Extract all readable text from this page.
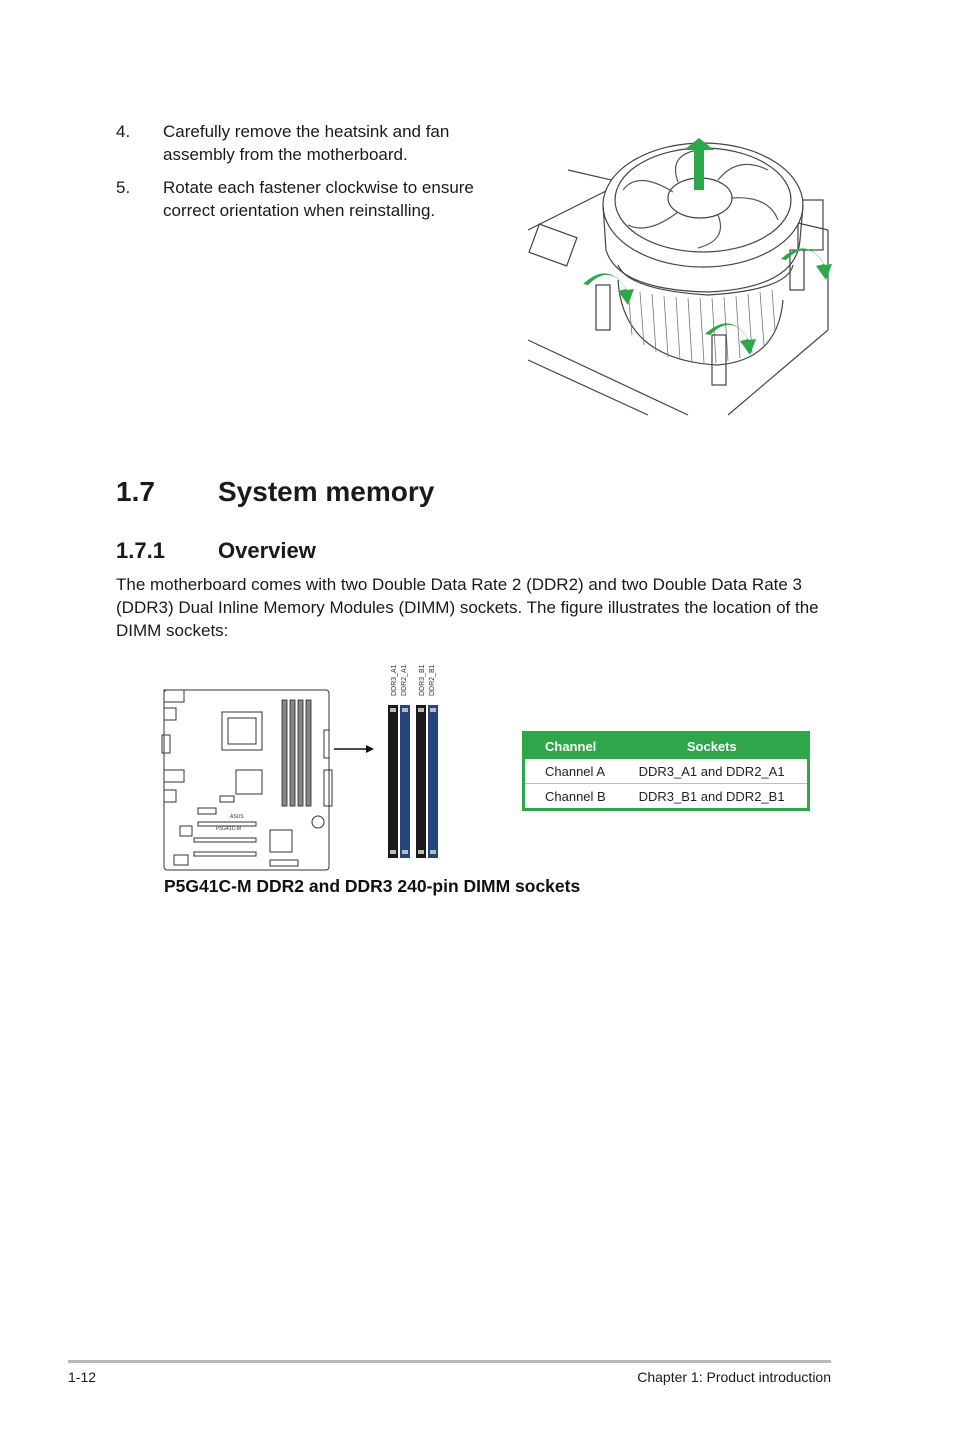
4.	Carefully remove the heatsink and fan assembly from the motherboard.
5.	Rotate each fastener clockwise to ensure correct orientation when reinstalling.
1.7	System memory
1.7.1	Overview
The motherboard comes with two Double Data Rate 2 (DDR2) and two Double Data Rate 3 (DDR3) Dual Inline Memory Modules (DIMM) sockets. The figure illustrates the location of the DIMM sockets:
ASUS
P5G41C-M
DDR3_A1 DDR2_A1 DDR3_B1 DDR2_B1
P5G41C-M DDR2 and DDR3 240-pin DIMM sockets
Channel	Sockets
Channel A	DDR3_A1 and DDR2_A1
Channel B	DDR3_B1 and DDR2_B1
1-12	Chapter 1: Product introduction
